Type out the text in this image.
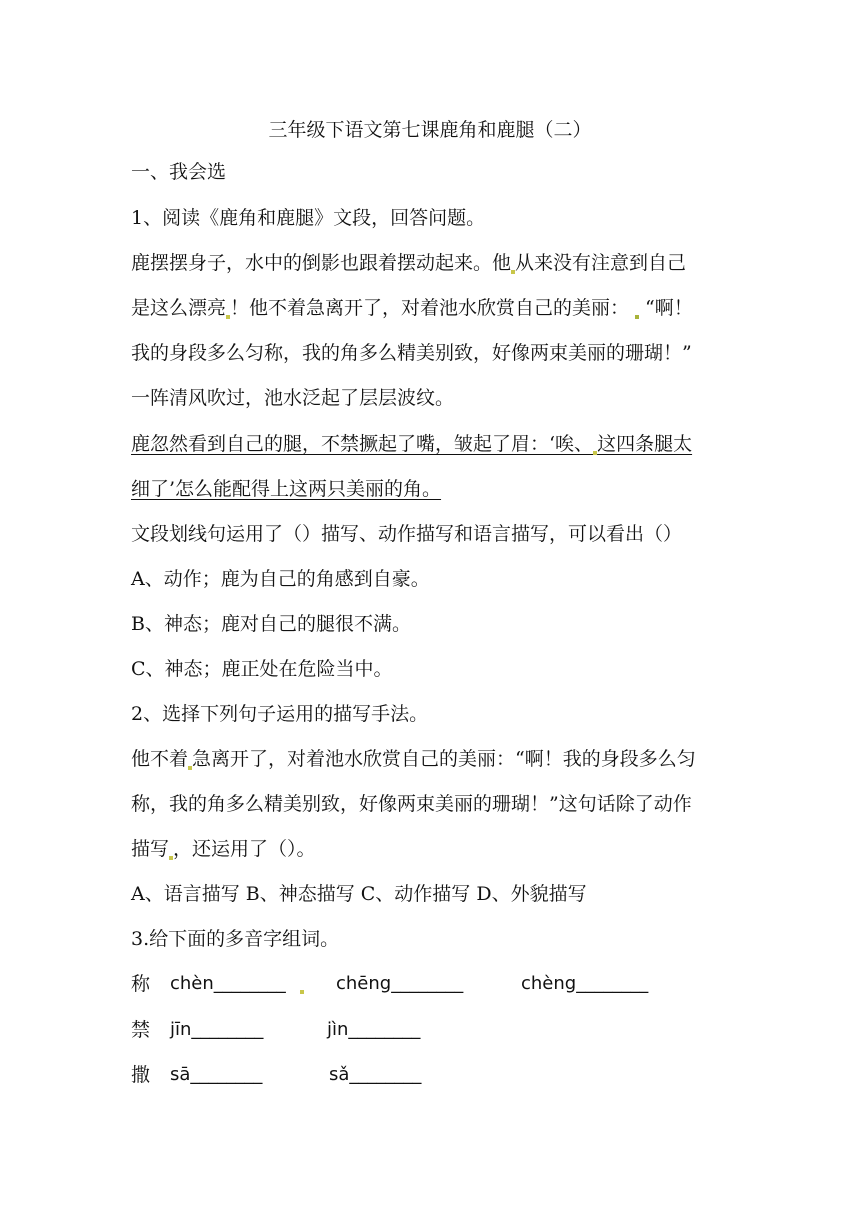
三年级下语文第七课鹿角和鹿腿（二）
一、我会选
1、阅读《鹿角和鹿腿》文段，回答问题。
鹿摆摆身子，水中的倒影也跟着摆动起来。他 从来没有注意到自己
是这么漂亮 ！他不着急离开了，对着池水欣赏自己的美丽： “啊！
我的身段多么匀称，我的角多么精美别致，好像两束美丽的珊瑚！”
一阵清风吹过，池水泛起了层层波纹。
鹿忽然看到自己的腿，不禁撅起了嘴，皱起了眉：‘唉、 这四条腿太
细了’怎么能配得上这两只美丽的角。
文段划线句运用了（）描写、动作描写和语言描写，可以看出（）
A、动作；鹿为自己的角感到自豪。
B、神态；鹿对自己的腿很不满。
C、神态；鹿正处在危险当中。
2、选择下列句子运用的描写手法。
他不着 急离开了，对着池水欣赏自己的美丽：“啊！我的身段多么匀
称，我的角多么精美别致，好像两束美丽的珊瑚！”这句话除了动作
描写 ，还运用了（）。
A、语言描写 B、神态描写 C、动作描写 D、外貌描写
3.给下面的多音字组词。
称 chèn________	chēng________	chèng________
禁 jīn________	jìn________
撒 sā________	sǎ________
